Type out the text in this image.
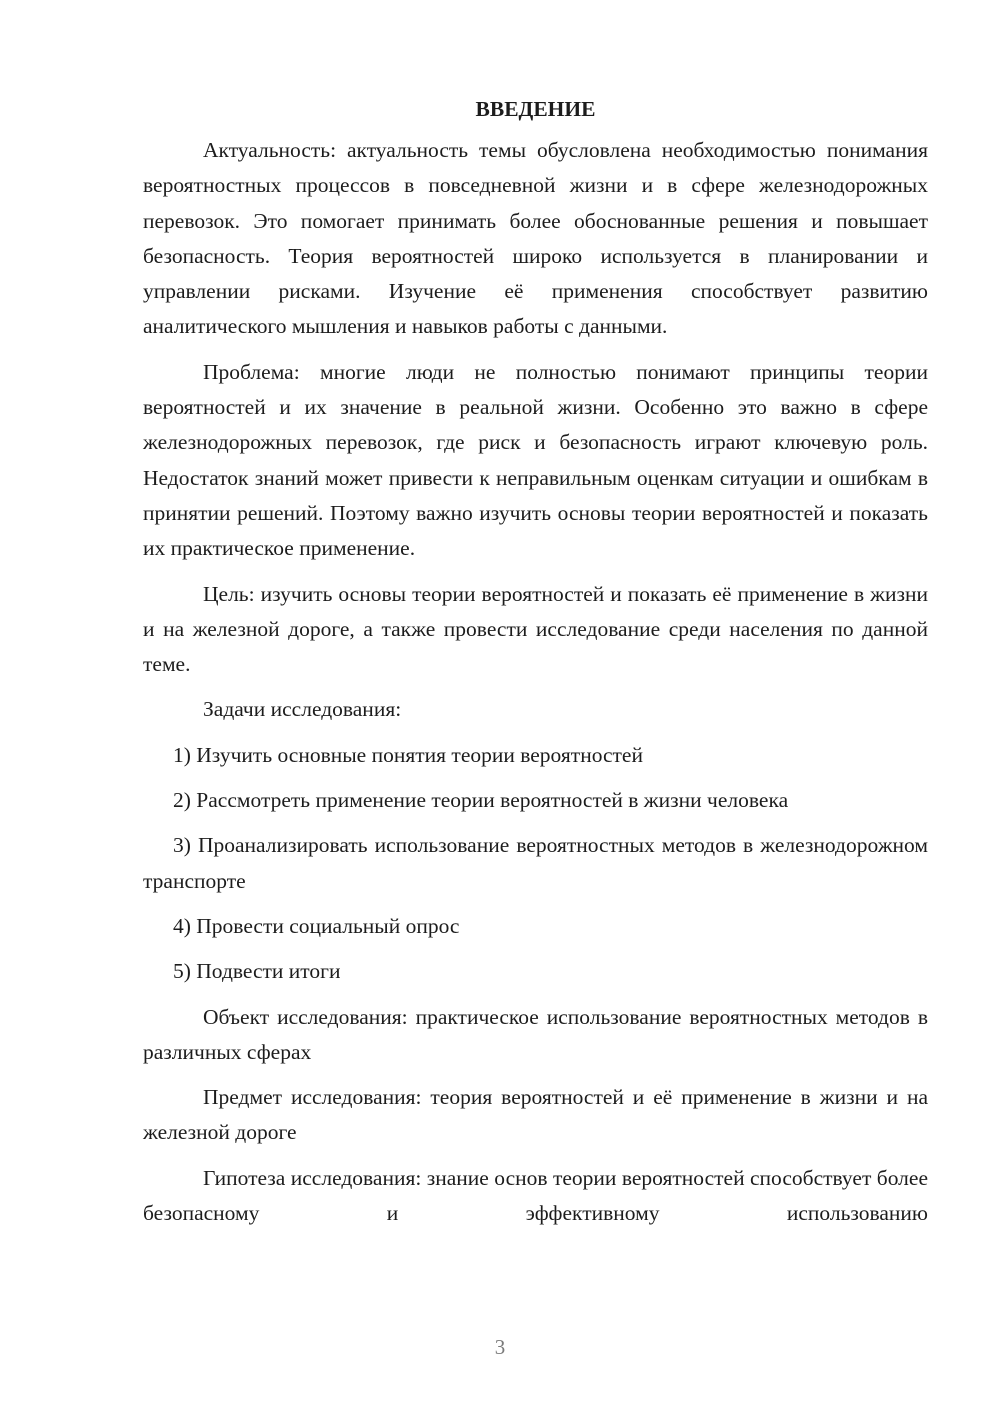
ВВЕДЕНИЕ

Актуальность: актуальность темы обусловлена необходимостью понимания вероятностных процессов в повседневной жизни и в сфере железнодорожных перевозок. Это помогает принимать более обоснованные решения и повышает безопасность. Теория вероятностей широко используется в планировании и управлении рисками. Изучение её применения способствует развитию аналитического мышления и навыков работы с данными.

Проблема: многие люди не полностью понимают принципы теории вероятностей и их значение в реальной жизни. Особенно это важно в сфере железнодорожных перевозок, где риск и безопасность играют ключевую роль. Недостаток знаний может привести к неправильным оценкам ситуации и ошибкам в принятии решений. Поэтому важно изучить основы теории вероятностей и показать их практическое применение.

Цель: изучить основы теории вероятностей и показать её применение в жизни и на железной дороге, а также провести исследование среди населения по данной теме.

Задачи исследования:

1) Изучить основные понятия теории вероятностей

2) Рассмотреть применение теории вероятностей в жизни человека

3) Проанализировать использование вероятностных методов в железнодорожном транспорте

4) Провести социальный опрос

5) Подвести итоги

Объект исследования: практическое использование вероятностных методов в различных сферах

Предмет исследования: теория вероятностей и её применение в жизни и на железной дороге

Гипотеза исследования: знание основ теории вероятностей способствует более безопасному и эффективному использованию

3
